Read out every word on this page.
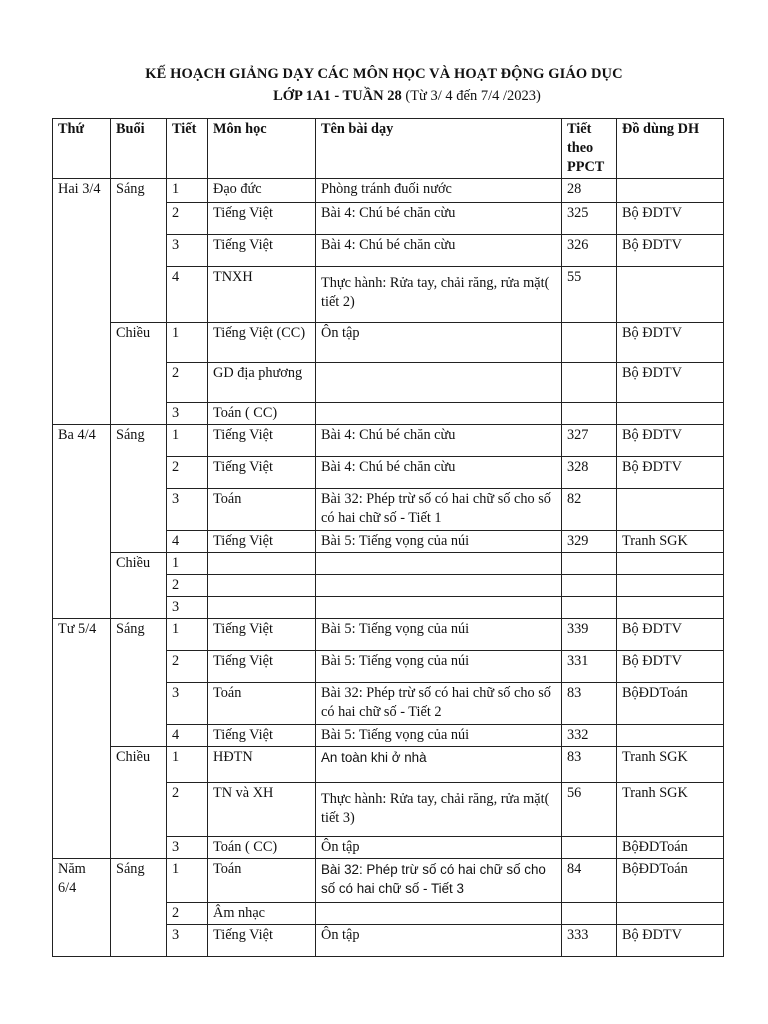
KẾ HOẠCH GIẢNG DẠY CÁC MÔN HỌC VÀ HOẠT ĐỘNG GIÁO DỤC
LỚP 1A1 - TUẦN 28 (Từ 3/ 4 đến 7/4 /2023)
Thứ	Buổi	Tiết	Môn học	Tên bài dạy	Tiết theo PPCT	Đồ dùng DH
Hai 3/4	Sáng	1	Đạo đức	Phòng tránh đuối nước	28	
		2	Tiếng Việt	Bài 4: Chú bé chăn cừu	325	Bộ ĐDTV
		3	Tiếng Việt	Bài 4: Chú bé chăn cừu	326	Bộ ĐDTV
		4	TNXH	Thực hành: Rửa tay, chải răng, rửa mặt( tiết 2)	55	
	Chiều	1	Tiếng Việt (CC)	Ôn tập		Bộ ĐDTV
		2	GD địa phương			Bộ ĐDTV
		3	Toán ( CC)			
Ba 4/4	Sáng	1	Tiếng Việt	Bài 4: Chú bé chăn cừu	327	Bộ ĐDTV
		2	Tiếng Việt	Bài 4: Chú bé chăn cừu	328	Bộ ĐDTV
		3	Toán	Bài 32: Phép trừ số có hai chữ số cho số có hai chữ số - Tiết 1	82	
		4	Tiếng Việt	Bài 5: Tiếng vọng của núi	329	Tranh SGK
	Chiều	1				
		2				
		3				
Tư 5/4	Sáng	1	Tiếng Việt	Bài 5: Tiếng vọng của núi	339	Bộ ĐDTV
		2	Tiếng Việt	Bài 5: Tiếng vọng của núi	331	Bộ ĐDTV
		3	Toán	Bài 32: Phép trừ số có hai chữ số cho số có hai chữ số - Tiết 2	83	BộĐDToán
		4	Tiếng Việt	Bài 5: Tiếng vọng của núi	332	
	Chiều	1	HĐTN	An toàn khi ở nhà	83	Tranh SGK
		2	TN và XH	Thực hành: Rửa tay, chải răng, rửa mặt( tiết 3)	56	Tranh SGK
		3	Toán ( CC)	Ôn tập		BộĐDToán
Năm 6/4	Sáng	1	Toán	Bài 32: Phép trừ số có hai chữ số cho số có hai chữ số - Tiết 3	84	BộĐDToán
		2	Âm nhạc			
		3	Tiếng Việt	Ôn tập	333	Bộ ĐDTV
